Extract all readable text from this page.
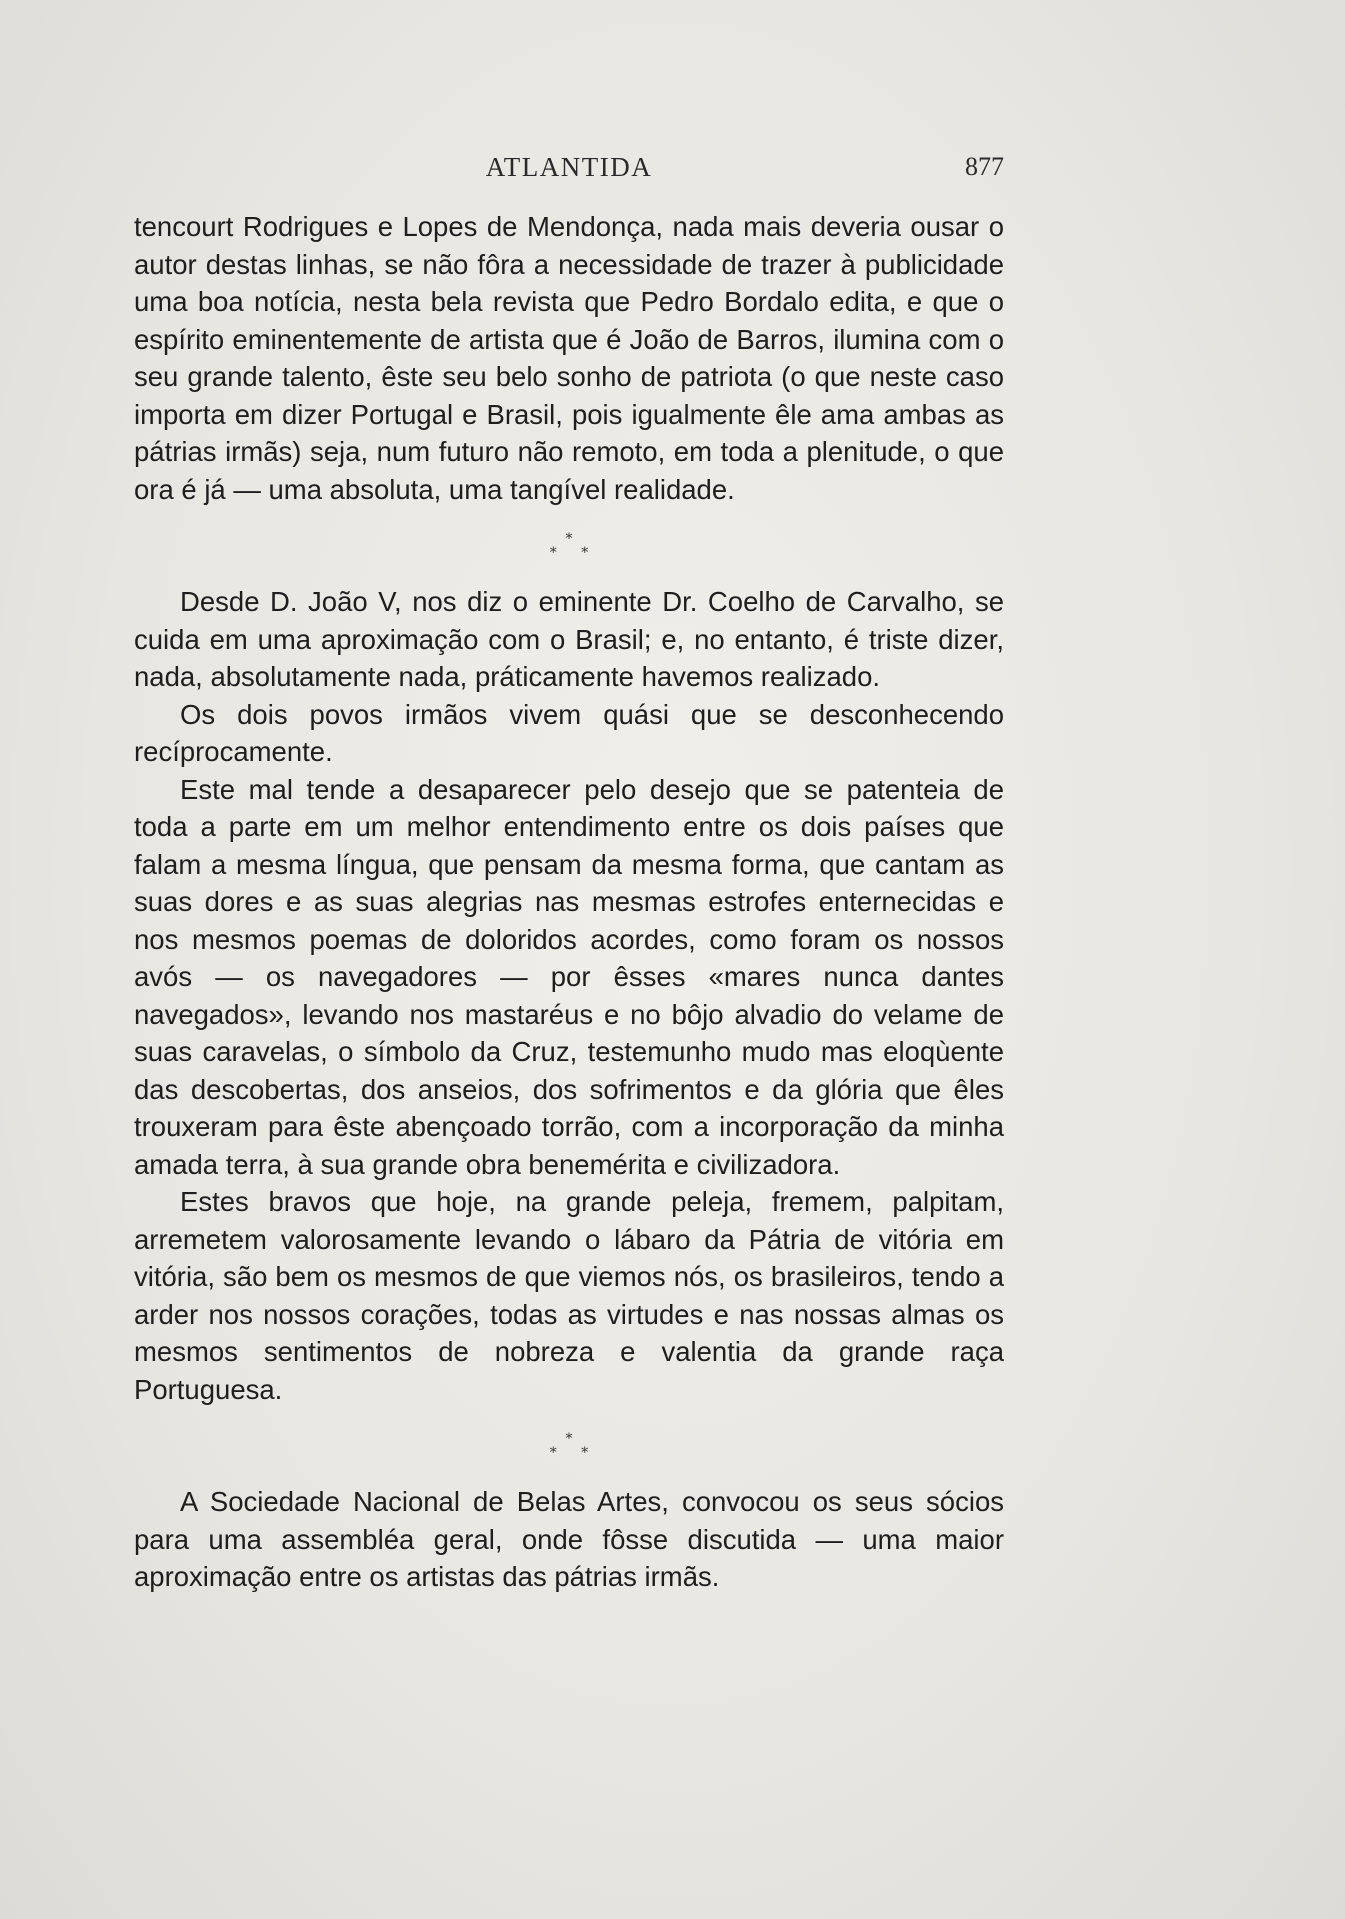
ATLANTIDA	877

tencourt Rodrigues e Lopes de Mendonça, nada mais deveria ousar o autor destas linhas, se não fôra a necessidade de trazer à publicidade uma boa notícia, nesta bela revista que Pedro Bordalo edita, e que o espírito eminentemente de artista que é João de Barros, ilumina com o seu grande talento, êste seu belo sonho de patriota (o que neste caso importa em dizer Portugal e Brasil, pois igualmente êle ama ambas as pátrias irmãs) seja, num futuro não remoto, em toda a plenitude, o que ora é já — uma absoluta, uma tangível realidade.

*
* *

Desde D. João V, nos diz o eminente Dr. Coelho de Carvalho, se cuida em uma aproximação com o Brasil; e, no entanto, é triste dizer, nada, absolutamente nada, práticamente havemos realizado.

Os dois povos irmãos vivem quási que se desconhecendo recíprocamente.

Este mal tende a desaparecer pelo desejo que se patenteia de toda a parte em um melhor entendimento entre os dois países que falam a mesma língua, que pensam da mesma forma, que cantam as suas dores e as suas alegrias nas mesmas estrofes enternecidas e nos mesmos poemas de doloridos acordes, como foram os nossos avós — os navegadores — por êsses «mares nunca dantes navegados», levando nos mastaréus e no bôjo alvadio do velame de suas caravelas, o símbolo da Cruz, testemunho mudo mas eloqùente das descobertas, dos anseios, dos sofrimentos e da glória que êles trouxeram para êste abençoado torrão, com a incorporação da minha amada terra, à sua grande obra benemérita e civilizadora.

Estes bravos que hoje, na grande peleja, fremem, palpitam, arremetem valorosamente levando o lábaro da Pátria de vitória em vitória, são bem os mesmos de que viemos nós, os brasileiros, tendo a arder nos nossos corações, todas as virtudes e nas nossas almas os mesmos sentimentos de nobreza e valentia da grande raça Portuguesa.

*
* *

A Sociedade Nacional de Belas Artes, convocou os seus sócios para uma assembléa geral, onde fôsse discutida — uma maior aproximação entre os artistas das pátrias irmãs.
